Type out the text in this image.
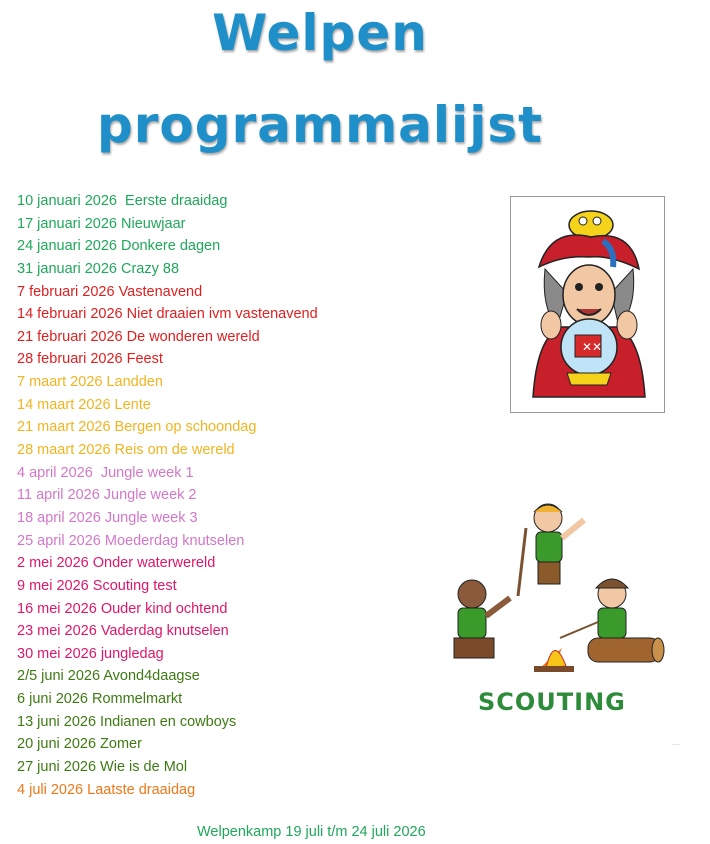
Welpen
programmalijst
10 januari 2026  Eerste draaidag
17 januari 2026 Nieuwjaar
24 januari 2026 Donkere dagen
31 januari 2026 Crazy 88
7 februari 2026 Vastenavend
14 februari 2026 Niet draaien ivm vastenavend
21 februari 2026 De wonderen wereld
28 februari 2026 Feest
7 maart 2026 Landden
14 maart 2026 Lente
21 maart 2026 Bergen op schoondag
28 maart 2026 Reis om de wereld
4 april 2026  Jungle week 1
11 april 2026 Jungle week 2
18 april 2026 Jungle week 3
25 april 2026 Moederdag knutselen
2 mei 2026 Onder waterwereld
9 mei 2026 Scouting test
16 mei 2026 Ouder kind ochtend
23 mei 2026 Vaderdag knutselen
30 mei 2026 jungledag
2/5 juni 2026 Avond4daagse
6 juni 2026 Rommelmarkt
13 juni 2026 Indianen en cowboys
20 juni 2026 Zomer
27 juni 2026 Wie is de Mol
4 juli 2026 Laatste draaidag
Welpenkamp 19 juli t/m 24 juli 2026
✕✕
SCOUTING
·····
